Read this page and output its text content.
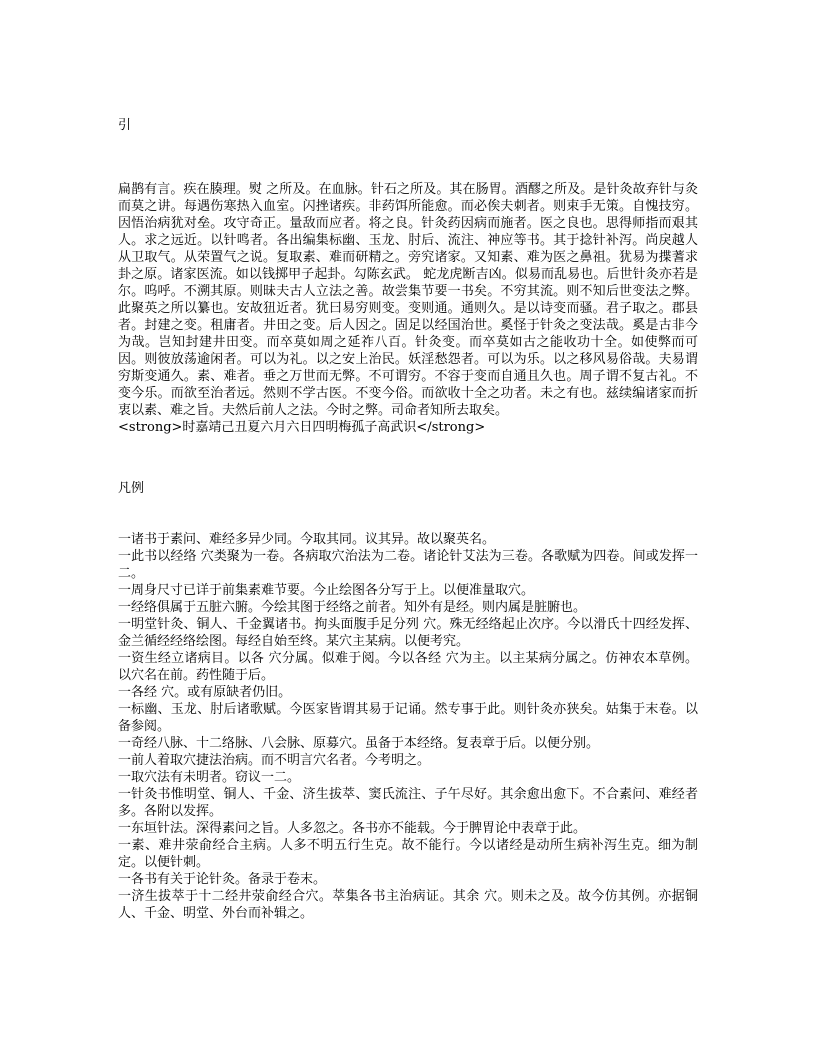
引

扁鹊有言。疾在腠理。熨 之所及。在血脉。针石之所及。其在肠胃。酒醪之所及。是针灸故弃针与灸而莫之讲。每遇伤寒热入血室。闪挫诸疾。非药饵所能愈。而必俟夫刺者。则束手无策。自愧技穷。因悟治病犹对垒。攻守奇正。量敌而应者。将之良。针灸药因病而施者。医之良也。思得师指而艰其人。求之远近。以针鸣者。各出编集标幽、玉龙、肘后、流注、神应等书。其于捻针补泻。尚戾越人从卫取气。从荣置气之说。复取素、难而研精之。旁究诸家。又知素、难为医之鼻祖。犹易为揲蓍求卦之原。诸家医流。如以钱掷甲子起卦。勾陈玄武。 蛇龙虎断吉凶。似易而乱易也。后世针灸亦若是尔。呜呼。不溯其原。则昧夫古人立法之善。故尝集节要一书矣。不穷其流。则不知后世变法之弊。此聚英之所以纂也。安故狃近者。犹曰易穷则变。变则通。通则久。是以诗变而骚。君子取之。郡县者。封建之变。租庸者。井田之变。后人因之。固足以经国治世。奚怪于针灸之变法哉。奚是古非今为哉。岂知封建井田变。而卒莫如周之延祚八百。针灸变。而卒莫如古之能收功十全。如使弊而可因。则彼放荡逾闲者。可以为礼。以之安上治民。妖淫愁怨者。可以为乐。以之移风易俗哉。夫易谓穷斯变通久。素、难者。垂之万世而无弊。不可谓穷。不容于变而自通且久也。周子谓不复古礼。不变今乐。而欲至治者远。然则不学古医。不变今俗。而欲收十全之功者。未之有也。兹续编诸家而折衷以素、难之旨。夫然后前人之法。今时之弊。司命者知所去取矣。

<strong>时嘉靖己丑夏六月六日四明梅孤子高武识</strong>

凡例

一诸书于素问、难经多异少同。今取其同。议其异。故以聚英名。

一此书以经络 穴类聚为一卷。各病取穴治法为二卷。诸论针艾法为三卷。各歌赋为四卷。间或发挥一二。

一周身尺寸已详于前集素难节要。今止绘图各分写于上。以便准量取穴。

一经络俱属于五脏六腑。今绘其图于经络之前者。知外有是经。则内属是脏腑也。

一明堂针灸、铜人、千金翼诸书。拘头面腹手足分列 穴。殊无经络起止次序。今以滑氏十四经发挥、金兰循经经络绘图。每经自始至终。某穴主某病。以便考究。

一资生经立诸病目。以各 穴分属。似难于阅。今以各经 穴为主。以主某病分属之。仿神农本草例。以穴名在前。药性随于后。

一各经 穴。或有原缺者仍旧。

一标幽、玉龙、肘后诸歌赋。今医家皆谓其易于记诵。然专事于此。则针灸亦狭矣。姑集于末卷。以备参阅。

一奇经八脉、十二络脉、八会脉、原募穴。虽备于本经络。复表章于后。以便分别。

一前人着取穴捷法治病。而不明言穴名者。今考明之。

一取穴法有未明者。窃议一二。

一针灸书惟明堂、铜人、千金、济生拔萃、窦氏流注、子午尽好。其余愈出愈下。不合素问、难经者多。各附以发挥。

一东垣针法。深得素问之旨。人多忽之。各书亦不能载。今于脾胃论中表章于此。

一素、难井荥俞经合主病。人多不明五行生克。故不能行。今以诸经是动所生病补泻生克。细为制定。以便针刺。

一各书有关于论针灸。备录于卷末。

一济生拔萃于十二经井荥俞经合穴。萃集各书主治病证。其余 穴。则未之及。故今仿其例。亦据铜人、千金、明堂、外台而补辑之。
